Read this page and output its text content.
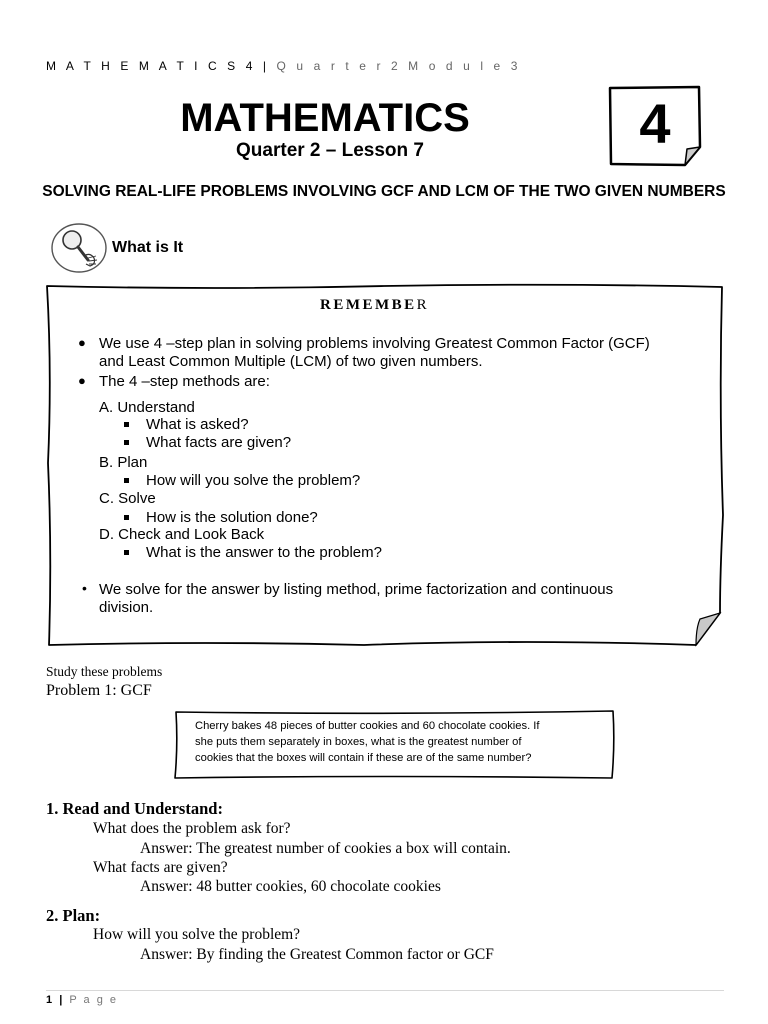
M A T H E M A T I C S 4 | Q u a r t e r 2 M o d u l e 3
MATHEMATICS
Quarter 2 – Lesson 7	4
SOLVING REAL-LIFE PROBLEMS INVOLVING GCF AND LCM OF THE TWO GIVEN NUMBERS
What is It
REMEMBER
● We use 4 –step plan in solving problems involving Greatest Common Factor (GCF)
and Least Common Multiple (LCM) of two given numbers.
● The 4 –step methods are:
A. Understand
What is asked?
What facts are given?
B. Plan
How will you solve the problem?
C. Solve
How is the solution done?
D. Check and Look Back
What is the answer to the problem?
• We solve for the answer by listing method, prime factorization and continuous
division.
Study these problems
Problem 1: GCF
Cherry bakes 48 pieces of butter cookies and 60 chocolate cookies. If
she puts them separately in boxes, what is the greatest number of
cookies that the boxes will contain if these are of the same number?
1. Read and Understand:
What does the problem ask for?
Answer: The greatest number of cookies a box will contain.
What facts are given?
Answer: 48 butter cookies, 60 chocolate cookies
2. Plan:
How will you solve the problem?
Answer: By finding the Greatest Common factor or GCF
1 | P a g e
